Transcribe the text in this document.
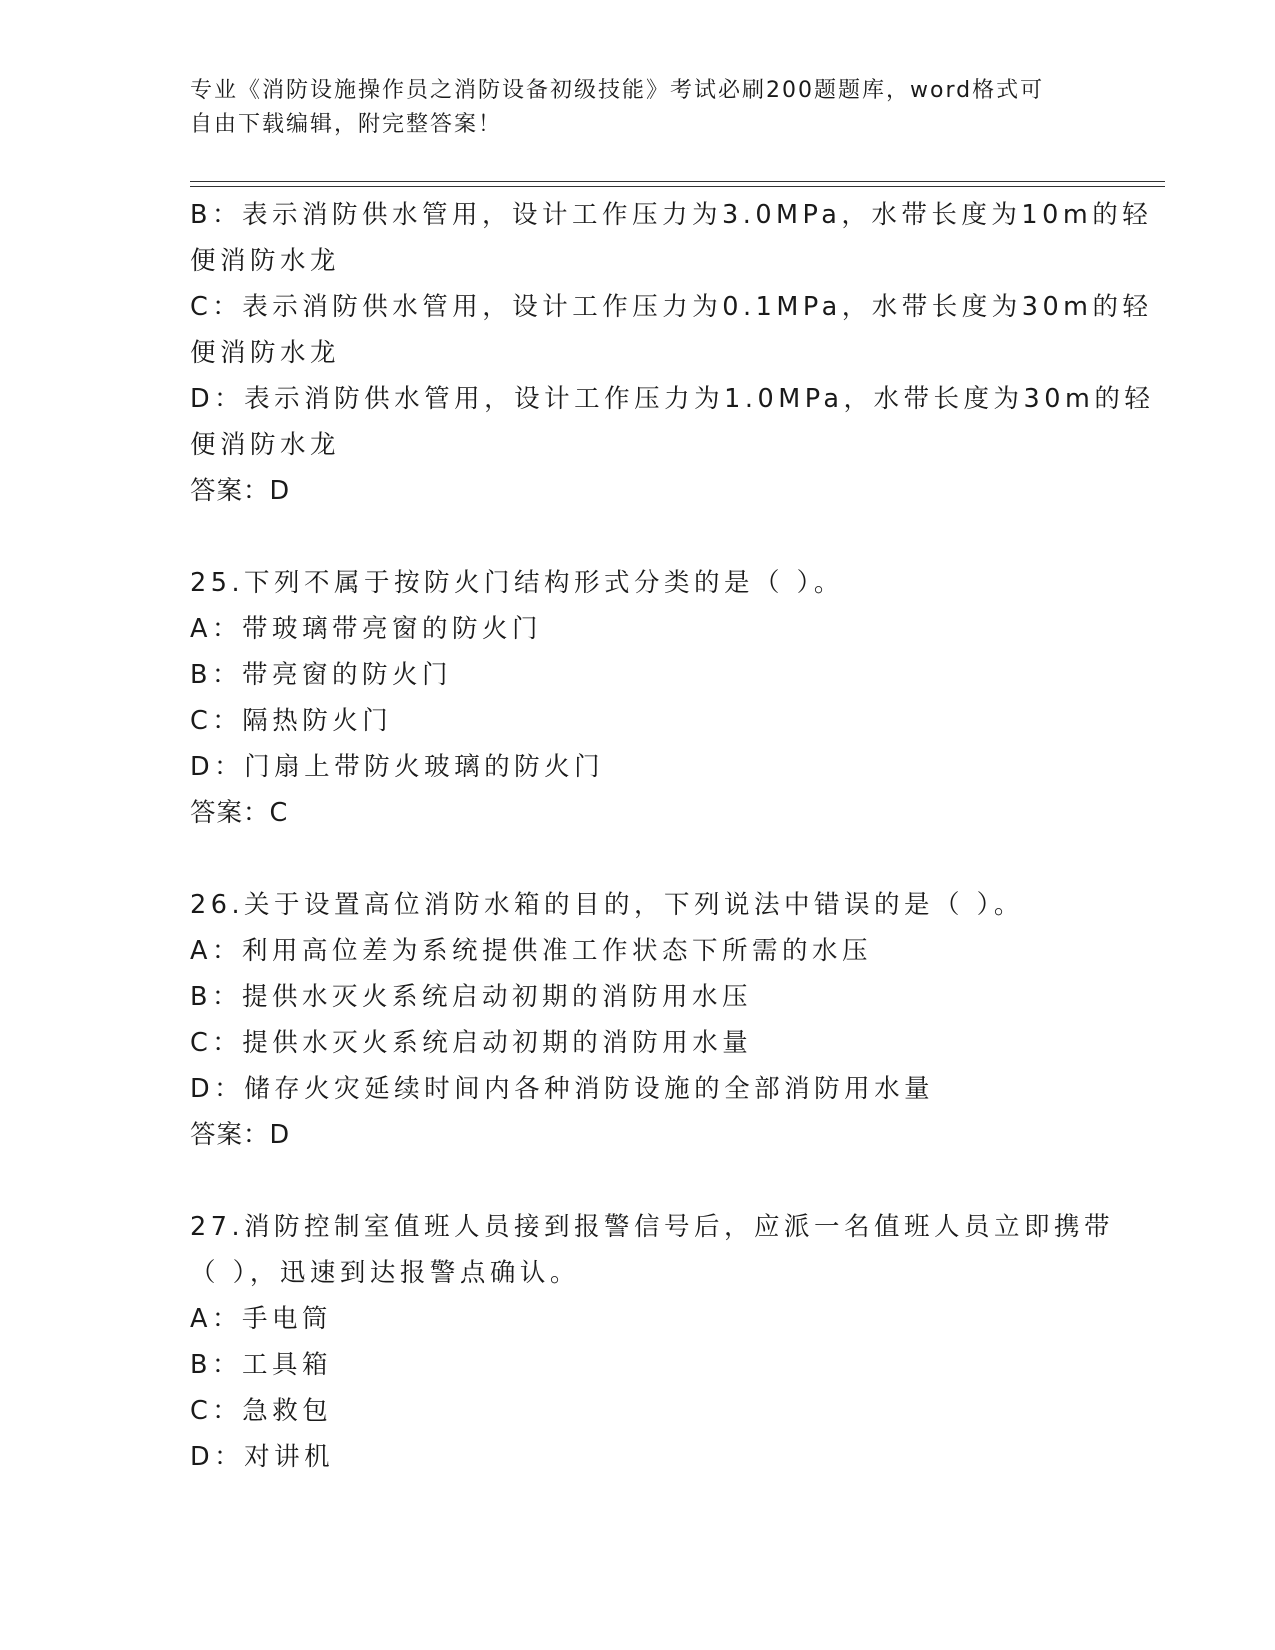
专业《消防设施操作员之消防设备初级技能》考试必刷200题题库，word格式可
自由下载编辑，附完整答案！
B：表示消防供水管用，设计工作压力为3.0MPa，水带长度为10m的轻
便消防水龙
C：表示消防供水管用，设计工作压力为0.1MPa，水带长度为30m的轻
便消防水龙
D：表示消防供水管用，设计工作压力为1.0MPa，水带长度为30m的轻
便消防水龙
答案：D
25.下列不属于按防火门结构形式分类的是（ ）。
A：带玻璃带亮窗的防火门
B：带亮窗的防火门
C：隔热防火门
D：门扇上带防火玻璃的防火门
答案：C
26.关于设置高位消防水箱的目的，下列说法中错误的是（ ）。
A：利用高位差为系统提供准工作状态下所需的水压
B：提供水灭火系统启动初期的消防用水压
C：提供水灭火系统启动初期的消防用水量
D：储存火灾延续时间内各种消防设施的全部消防用水量
答案：D
27.消防控制室值班人员接到报警信号后，应派一名值班人员立即携带
（ ），迅速到达报警点确认。
A：手电筒
B：工具箱
C：急救包
D：对讲机
